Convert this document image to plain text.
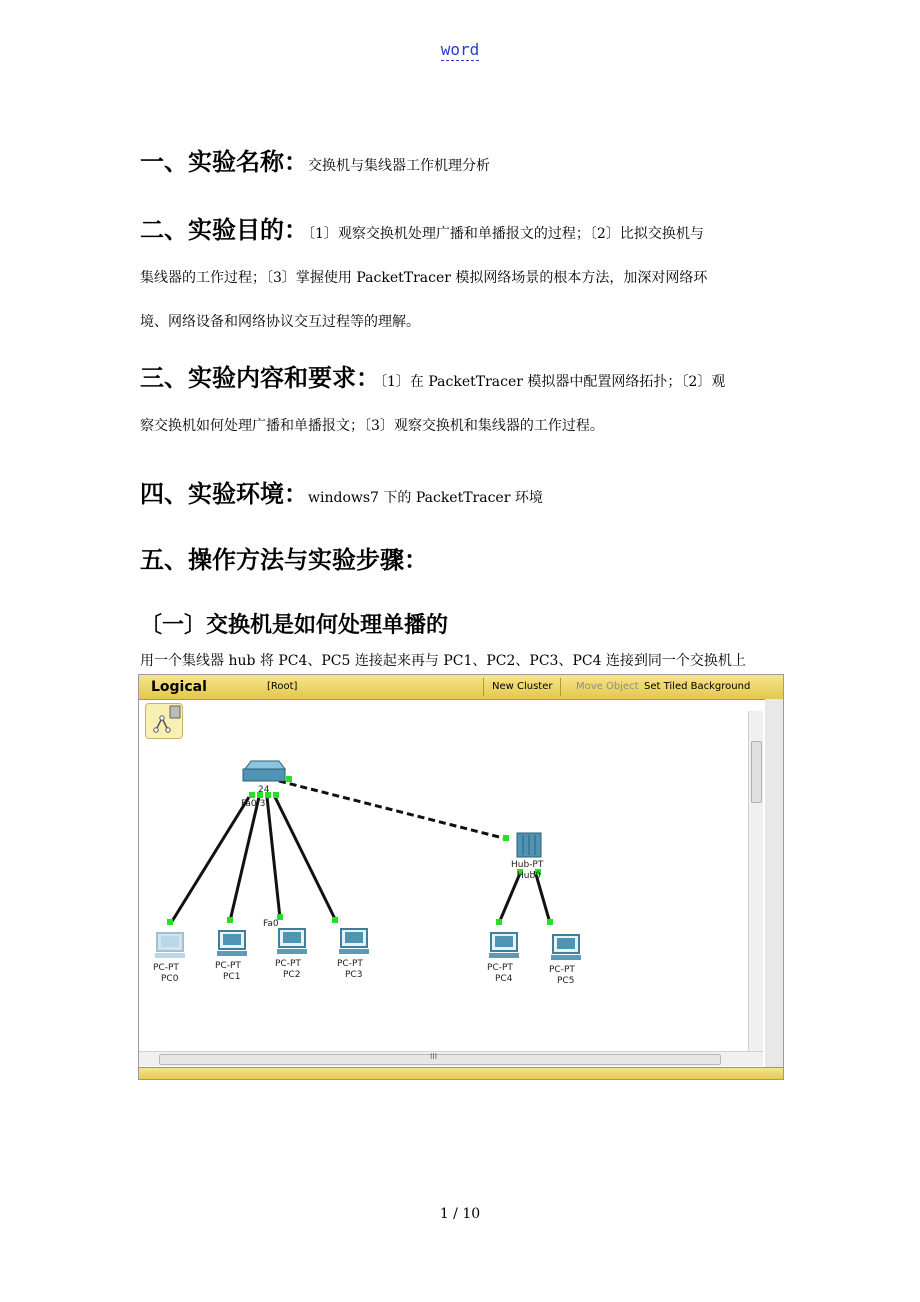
word
一、实验名称：交换机与集线器工作机理分析
二、实验目的：〔1〕观察交换机处理广播和单播报文的过程；〔2〕比拟交换机与
集线器的工作过程；〔3〕掌握使用 PacketTracer 模拟网络场景的根本方法，加深对网络环
境、网络设备和网络协议交互过程等的理解。
三、实验内容和要求：〔1〕在 PacketTracer 模拟器中配置网络拓扑；〔2〕观
察交换机如何处理广播和单播报文；〔3〕观察交换机和集线器的工作过程。
四、实验环境：windows7 下的 PacketTracer 环境
五、操作方法与实验步骤：
〔一〕交换机是如何处理单播的
用一个集线器 hub 将 PC4、PC5 连接起来再与 PC1、PC2、PC3、PC4 连接到同一个交换机上
Logical	[Root]	New Cluster	Move Object Set Tiled Background
24
Fa0/3
Hub-PT
Hub0
Fa0
PC-PT
PC0
PC-PT
PC1
PC-PT
PC2
PC-PT
PC3
PC-PT
PC4
PC-PT
PC5
III
1 / 10
